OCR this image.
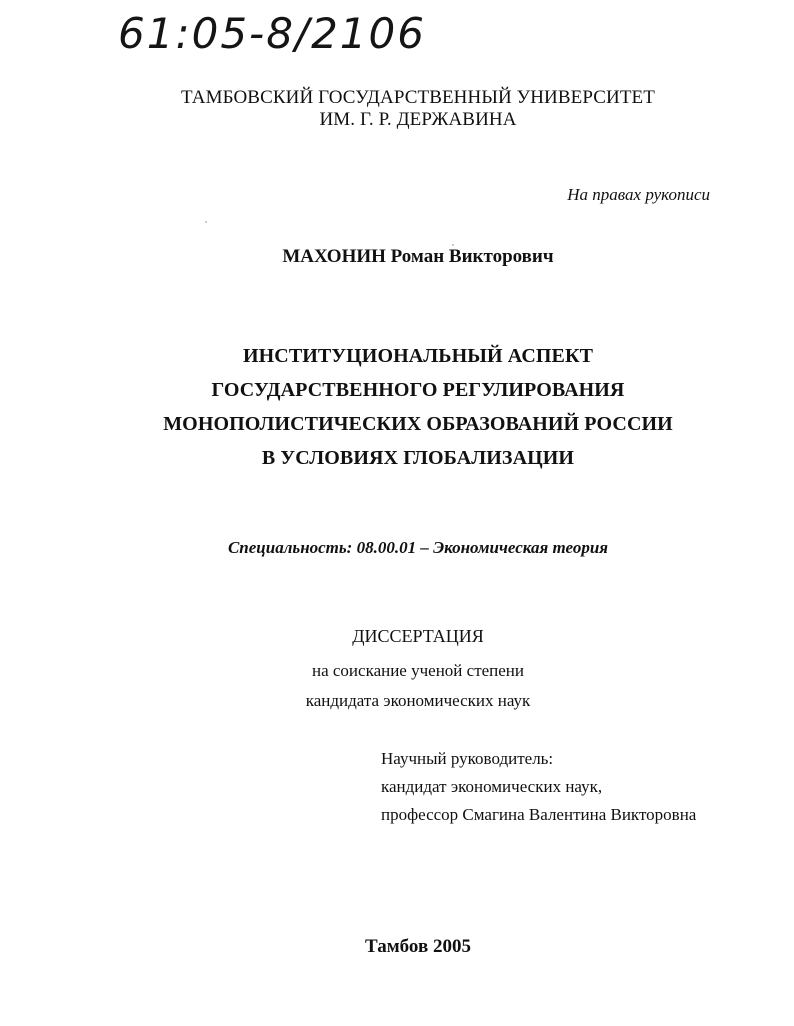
61:05-8/2106
ТАМБОВСКИЙ ГОСУДАРСТВЕННЫЙ УНИВЕРСИТЕТ
ИМ. Г. Р. ДЕРЖАВИНА
На правах рукописи
МАХОНИН Роман Викторович
ИНСТИТУЦИОНАЛЬНЫЙ АСПЕКТ
ГОСУДАРСТВЕННОГО РЕГУЛИРОВАНИЯ
МОНОПОЛИСТИЧЕСКИХ ОБРАЗОВАНИЙ РОССИИ
В УСЛОВИЯХ ГЛОБАЛИЗАЦИИ
Специальность: 08.00.01 – Экономическая теория
ДИССЕРТАЦИЯ
на соискание ученой степени
кандидата экономических наук
Научный руководитель:
кандидат экономических наук,
профессор Смагина Валентина Викторовна
Тамбов 2005
